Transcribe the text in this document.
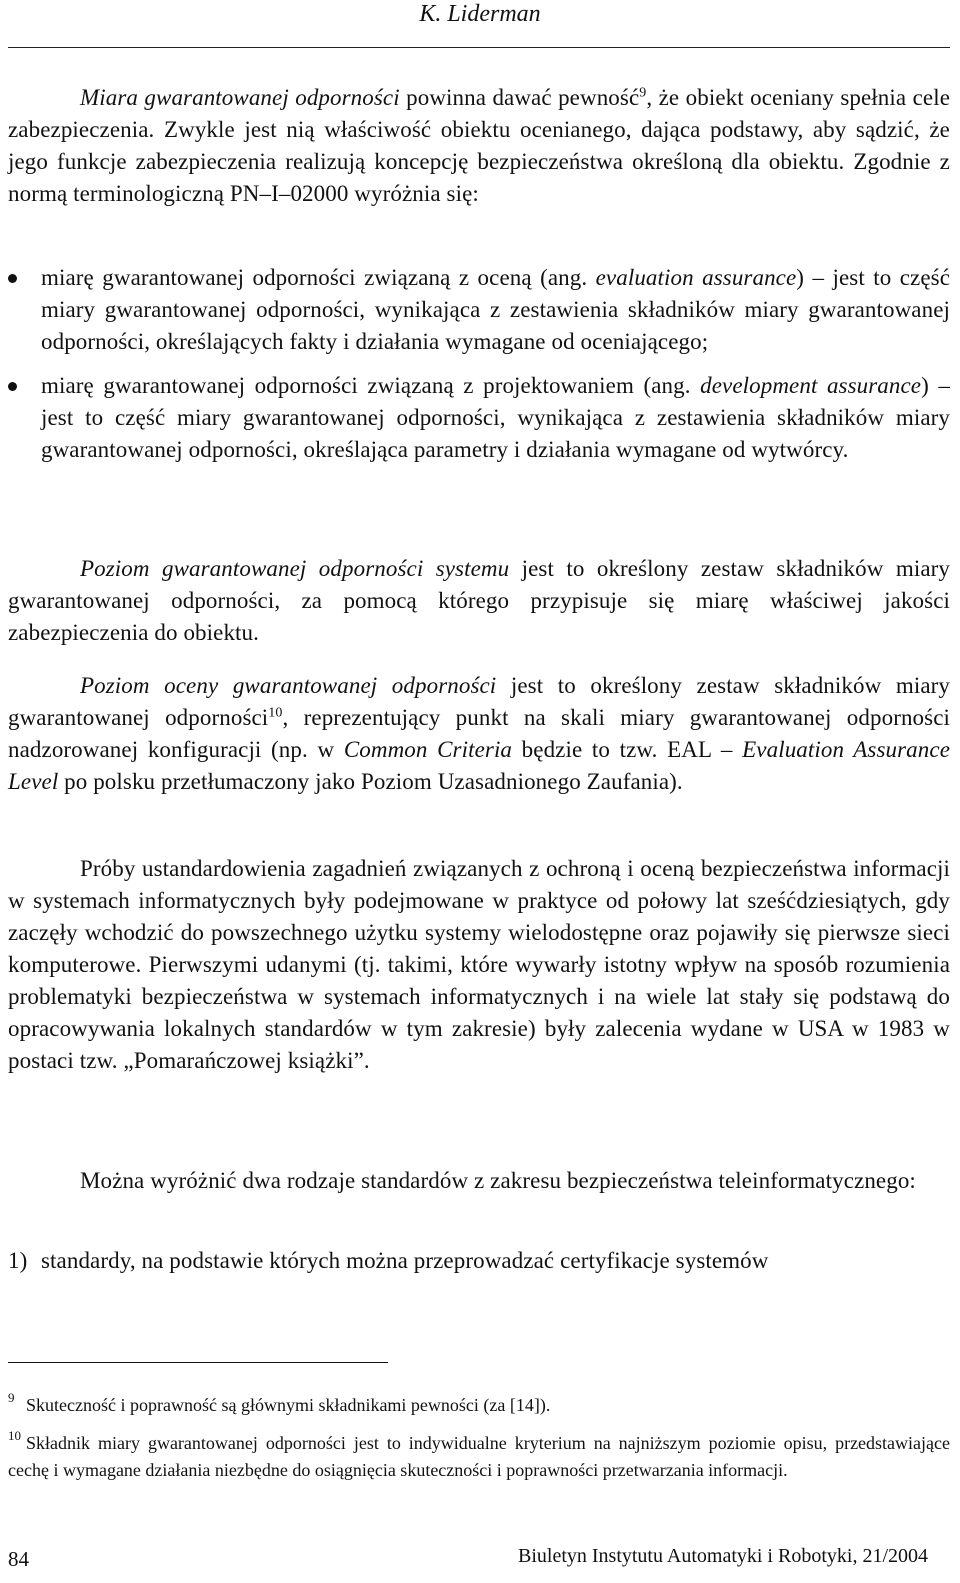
K. Liderman

Miara gwarantowanej odporności powinna dawać pewność$^9$, że obiekt oceniany spełnia cele zabezpieczenia. Zwykle jest nią właściwość obiektu ocenianego, dająca podstawy, aby sądzić, że jego funkcje zabezpieczenia realizują koncepcję bezpieczeństwa określoną dla obiektu. Zgodnie z normą terminologiczną PN–I–02000 wyróżnia się:

miarę gwarantowanej odporności związaną z oceną (ang. evaluation assurance) – jest to część miary gwarantowanej odporności, wynikająca z zestawienia składników miary gwarantowanej odporności, określających fakty i działania wymagane od oceniającego;
miarę gwarantowanej odporności związaną z projektowaniem (ang. development assurance) – jest to część miary gwarantowanej odporności, wynikająca z zestawienia składników miary gwarantowanej odporności, określająca parametry i działania wymagane od wytwórcy.

Poziom gwarantowanej odporności systemu jest to określony zestaw składników miary gwarantowanej odporności, za pomocą którego przypisuje się miarę właściwej jakości zabezpieczenia do obiektu.

Poziom oceny gwarantowanej odporności jest to określony zestaw składników miary gwarantowanej odporności$^{10}$, reprezentujący punkt na skali miary gwarantowanej odporności nadzorowanej konfiguracji (np. w Common Criteria będzie to tzw. EAL – Evaluation Assurance Level po polsku przetłumaczony jako Poziom Uzasadnionego Zaufania).

Próby ustandardowienia zagadnień związanych z ochroną i oceną bezpieczeństwa informacji w systemach informatycznych były podejmowane w praktyce od połowy lat sześćdziesiątych, gdy zaczęły wchodzić do powszechnego użytku systemy wielodostępne oraz pojawiły się pierwsze sieci komputerowe. Pierwszymi udanymi (tj. takimi, które wywarły istotny wpływ na sposób rozumienia problematyki bezpieczeństwa w systemach informatycznych i na wiele lat stały się podstawą do opracowywania lokalnych standardów w tym zakresie) były zalecenia wydane w USA w 1983 w postaci tzw. „Pomarańczowej książki”.

Można wyróżnić dwa rodzaje standardów z zakresu bezpieczeństwa teleinformatycznego:

1) standardy, na podstawie których można przeprowadzać certyfikacje systemów
9 Skuteczność i poprawność są głównymi składnikami pewności (za [14]).
10 Składnik miary gwarantowanej odporności jest to indywidualne kryterium na najniższym poziomie opisu, przedstawiające cechę i wymagane działania niezbędne do osiągnięcia skuteczności i poprawności przetwarzania informacji.
84	Biuletyn Instytutu Automatyki i Robotyki, 21/2004
